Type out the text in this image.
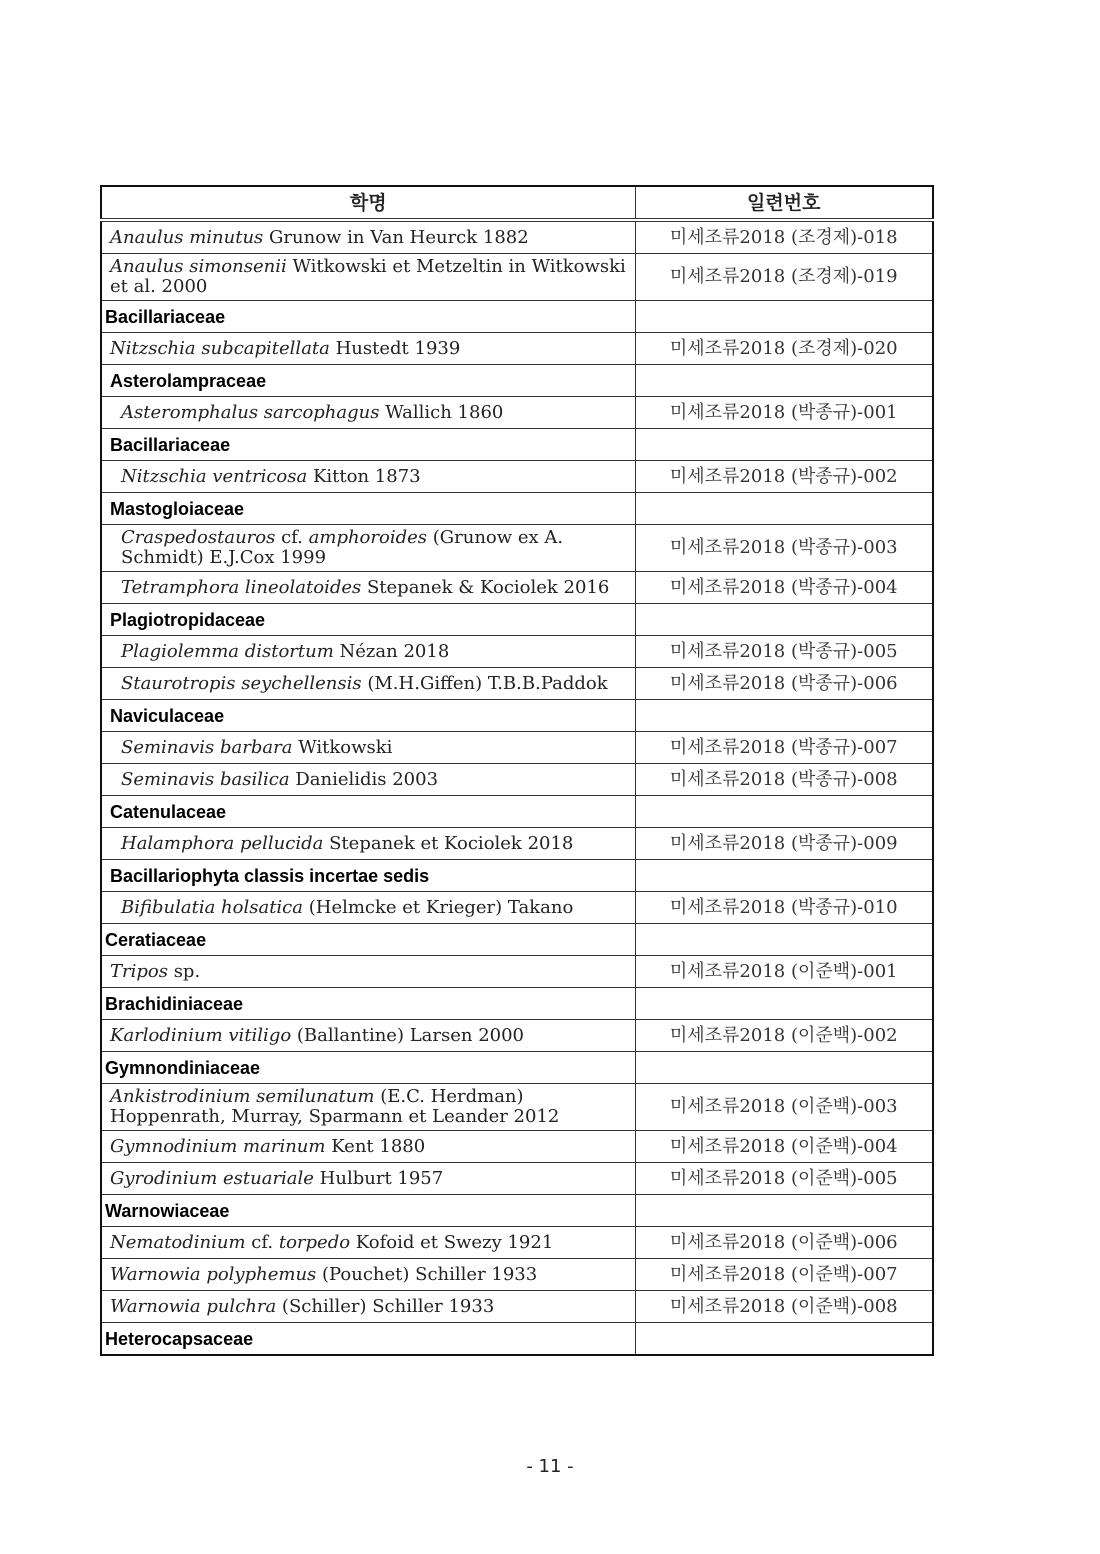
학명	일련번호
Anaulus minutus Grunow in Van Heurck 1882	미세조류2018 (조경제)-018
Anaulus simonsenii Witkowski et Metzeltin in Witkowski et al. 2000	미세조류2018 (조경제)-019
Bacillariaceae	
Nitzschia subcapitellata Hustedt 1939	미세조류2018 (조경제)-020
Asterolampraceae	
Asteromphalus sarcophagus Wallich 1860	미세조류2018 (박종규)-001
Bacillariaceae	
Nitzschia ventricosa Kitton 1873	미세조류2018 (박종규)-002
Mastogloiaceae	
Craspedostauros cf. amphoroides (Grunow ex A. Schmidt) E.J.Cox 1999	미세조류2018 (박종규)-003
Tetramphora lineolatoides Stepanek & Kociolek 2016	미세조류2018 (박종규)-004
Plagiotropidaceae	
Plagiolemma distortum Nézan 2018	미세조류2018 (박종규)-005
Staurotropis seychellensis (M.H.Giffen) T.B.B.Paddok	미세조류2018 (박종규)-006
Naviculaceae	
Seminavis barbara Witkowski	미세조류2018 (박종규)-007
Seminavis basilica Danielidis 2003	미세조류2018 (박종규)-008
Catenulaceae	
Halamphora pellucida Stepanek et Kociolek 2018	미세조류2018 (박종규)-009
Bacillariophyta classis incertae sedis	
Bifibulatia holsatica (Helmcke et Krieger) Takano	미세조류2018 (박종규)-010
Ceratiaceae	
Tripos sp.	미세조류2018 (이준백)-001
Brachidiniaceae	
Karlodinium vitiligo (Ballantine) Larsen 2000	미세조류2018 (이준백)-002
Gymnondiniaceae	
Ankistrodinium semilunatum (E.C. Herdman) Hoppenrath, Murray, Sparmann et Leander 2012	미세조류2018 (이준백)-003
Gymnodinium marinum Kent 1880	미세조류2018 (이준백)-004
Gyrodinium estuariale Hulburt 1957	미세조류2018 (이준백)-005
Warnowiaceae	
Nematodinium cf. torpedo Kofoid et Swezy 1921	미세조류2018 (이준백)-006
Warnowia polyphemus (Pouchet) Schiller 1933	미세조류2018 (이준백)-007
Warnowia pulchra (Schiller) Schiller 1933	미세조류2018 (이준백)-008
Heterocapsaceae	
- 11 -
